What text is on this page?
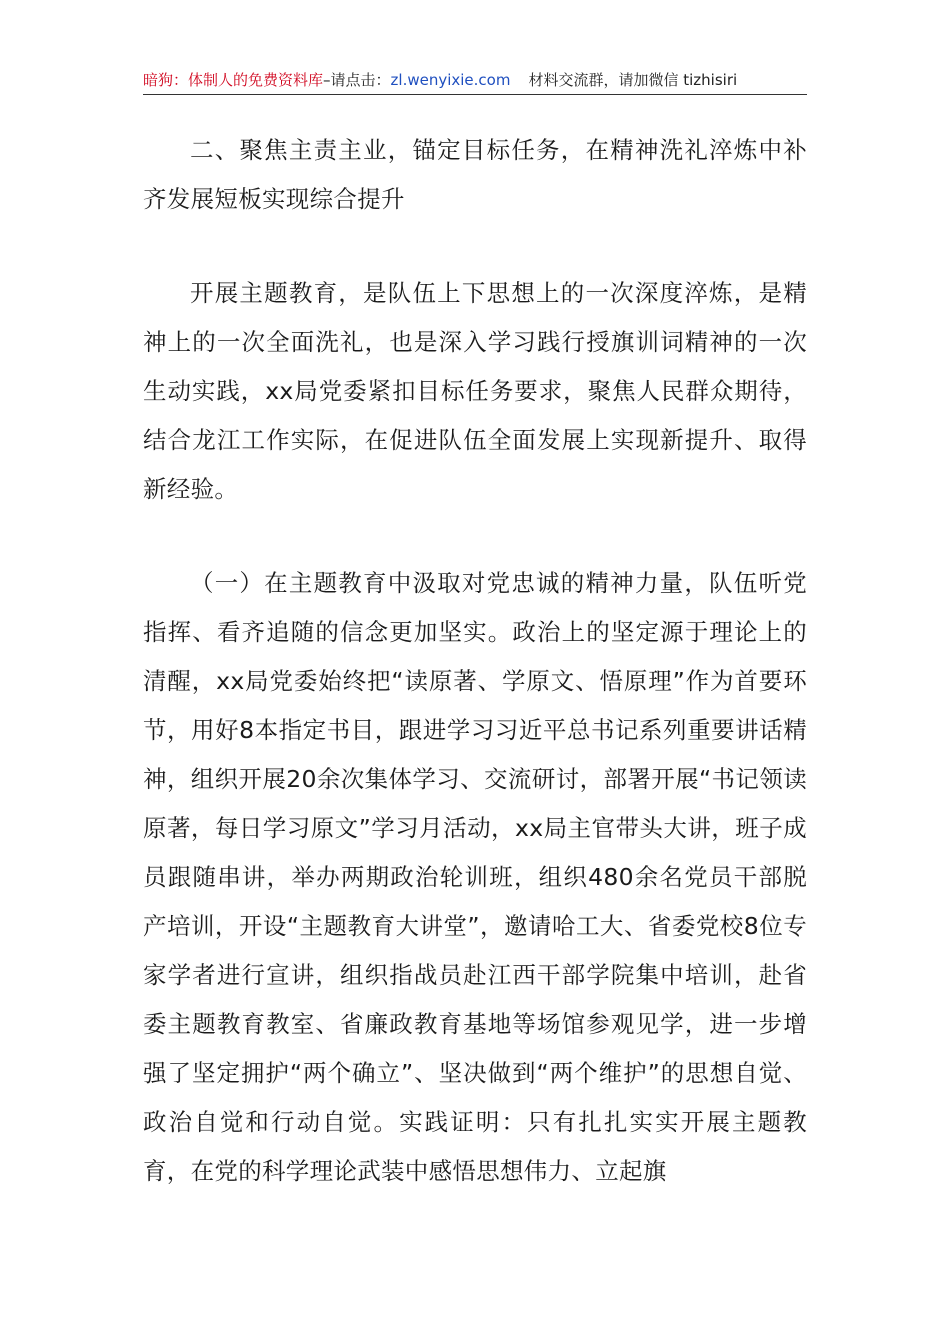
暗狗：体制人的免费资料库–请点击：zl.wenyixie.com 材料交流群，请加微信 tizhisiri

二、聚焦主责主业，锚定目标任务，在精神洗礼淬炼中补齐发展短板实现综合提升

开展主题教育，是队伍上下思想上的一次深度淬炼，是精神上的一次全面洗礼，也是深入学习践行授旗训词精神的一次生动实践，xx局党委紧扣目标任务要求，聚焦人民群众期待，结合龙江工作实际，在促进队伍全面发展上实现新提升、取得新经验。

（一）在主题教育中汲取对党忠诚的精神力量，队伍听党指挥、看齐追随的信念更加坚实。政治上的坚定源于理论上的清醒，xx局党委始终把“读原著、学原文、悟原理”作为首要环节，用好8本指定书目，跟进学习习近平总书记系列重要讲话精神，组织开展20余次集体学习、交流研讨，部署开展“书记领读原著，每日学习原文”学习月活动，xx局主官带头大讲，班子成员跟随串讲，举办两期政治轮训班，组织480余名党员干部脱产培训，开设“主题教育大讲堂”，邀请哈工大、省委党校8位专家学者进行宣讲，组织指战员赴江西干部学院集中培训，赴省委主题教育教室、省廉政教育基地等场馆参观见学，进一步增强了坚定拥护“两个确立”、坚决做到“两个维护”的思想自觉、政治自觉和行动自觉。实践证明：只有扎扎实实开展主题教育，在党的科学理论武装中感悟思想伟力、立起旗
